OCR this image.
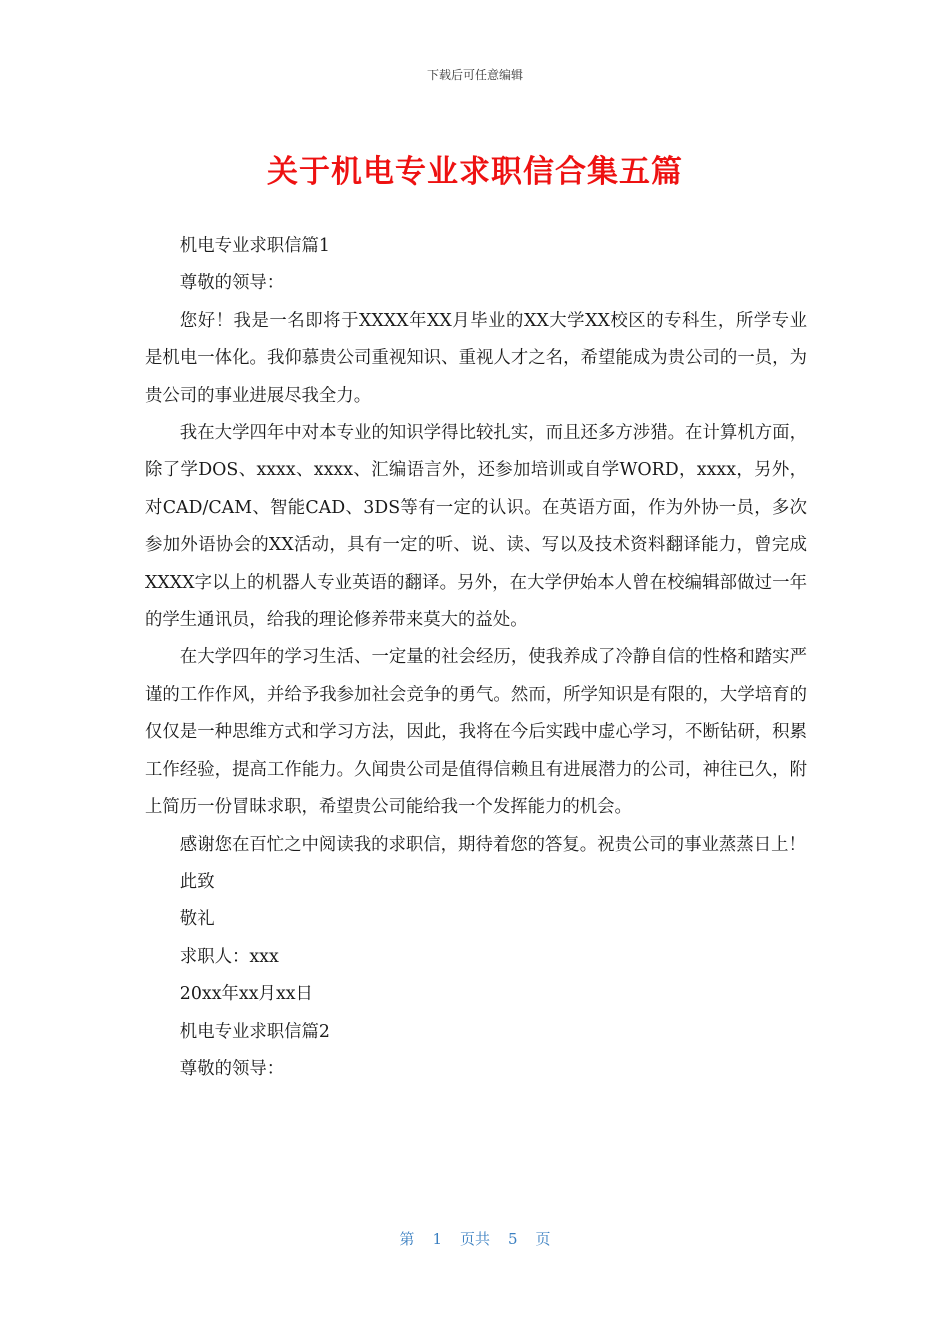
下载后可任意编辑
关于机电专业求职信合集五篇

机电专业求职信篇1

尊敬的领导：

您好！我是一名即将于XXXX年XX月毕业的XX大学XX校区的专科生，所学专业是机电一体化。我仰慕贵公司重视知识、重视人才之名，希望能成为贵公司的一员，为贵公司的事业进展尽我全力。

我在大学四年中对本专业的知识学得比较扎实，而且还多方涉猎。在计算机方面，除了学DOS、xxxx、xxxx、汇编语言外，还参加培训或自学WORD，xxxx，另外，对CAD/CAM、智能CAD、3DS等有一定的认识。在英语方面，作为外协一员，多次参加外语协会的XX活动，具有一定的听、说、读、写以及技术资料翻译能力，曾完成XXXX字以上的机器人专业英语的翻译。另外，在大学伊始本人曾在校编辑部做过一年的学生通讯员，给我的理论修养带来莫大的益处。

在大学四年的学习生活、一定量的社会经历，使我养成了冷静自信的性格和踏实严谨的工作作风，并给予我参加社会竞争的勇气。然而，所学知识是有限的，大学培育的仅仅是一种思维方式和学习方法，因此，我将在今后实践中虚心学习，不断钻研，积累工作经验，提高工作能力。久闻贵公司是值得信赖且有进展潜力的公司，神往已久，附上简历一份冒昧求职，希望贵公司能给我一个发挥能力的机会。

感谢您在百忙之中阅读我的求职信，期待着您的答复。祝贵公司的事业蒸蒸日上！

此致

敬礼

求职人：xxx

20xx年xx月xx日

机电专业求职信篇2

尊敬的领导：

第 1 页共 5 页
